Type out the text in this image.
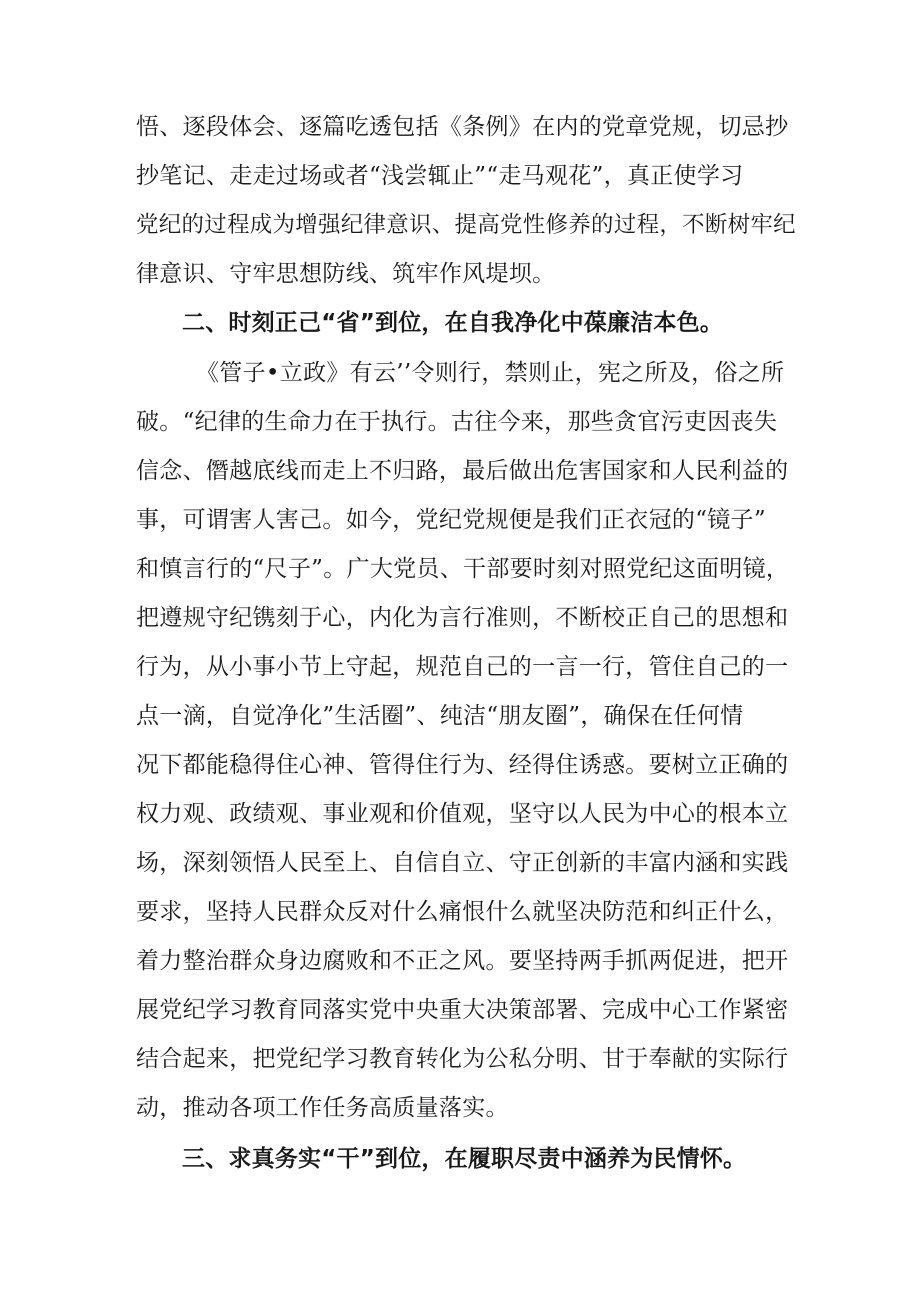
悟、逐段体会、逐篇吃透包括《条例》在内的党章党规，切忌抄
抄笔记、走走过场或者“浅尝辄止”“走马观花”，真正使学习
党纪的过程成为增强纪律意识、提高党性修养的过程，不断树牢纪
律意识、守牢思想防线、筑牢作风堤坝。
二、时刻正己“省”到位，在自我净化中葆廉洁本色。
《管子•立政》有云’’令则行，禁则止，宪之所及，俗之所
破。“纪律的生命力在于执行。古往今来，那些贪官污吏因丧失
信念、僭越底线而走上不归路，最后做出危害国家和人民利益的
事，可谓害人害己。如今，党纪党规便是我们正衣冠的“镜子”
和慎言行的“尺子”。广大党员、干部要时刻对照党纪这面明镜，
把遵规守纪镌刻于心，内化为言行准则，不断校正自己的思想和
行为，从小事小节上守起，规范自己的一言一行，管住自己的一
点一滴，自觉净化”生活圈”、纯洁“朋友圈”，确保在任何情
况下都能稳得住心神、管得住行为、经得住诱惑。要树立正确的
权力观、政绩观、事业观和价值观，坚守以人民为中心的根本立
场，深刻领悟人民至上、自信自立、守正创新的丰富内涵和实践
要求，坚持人民群众反对什么痛恨什么就坚决防范和纠正什么，
着力整治群众身边腐败和不正之风。要坚持两手抓两促进，把开
展党纪学习教育同落实党中央重大决策部署、完成中心工作紧密
结合起来，把党纪学习教育转化为公私分明、甘于奉献的实际行
动，推动各项工作任务高质量落实。
三、求真务实“干”到位，在履职尽责中涵养为民情怀。
